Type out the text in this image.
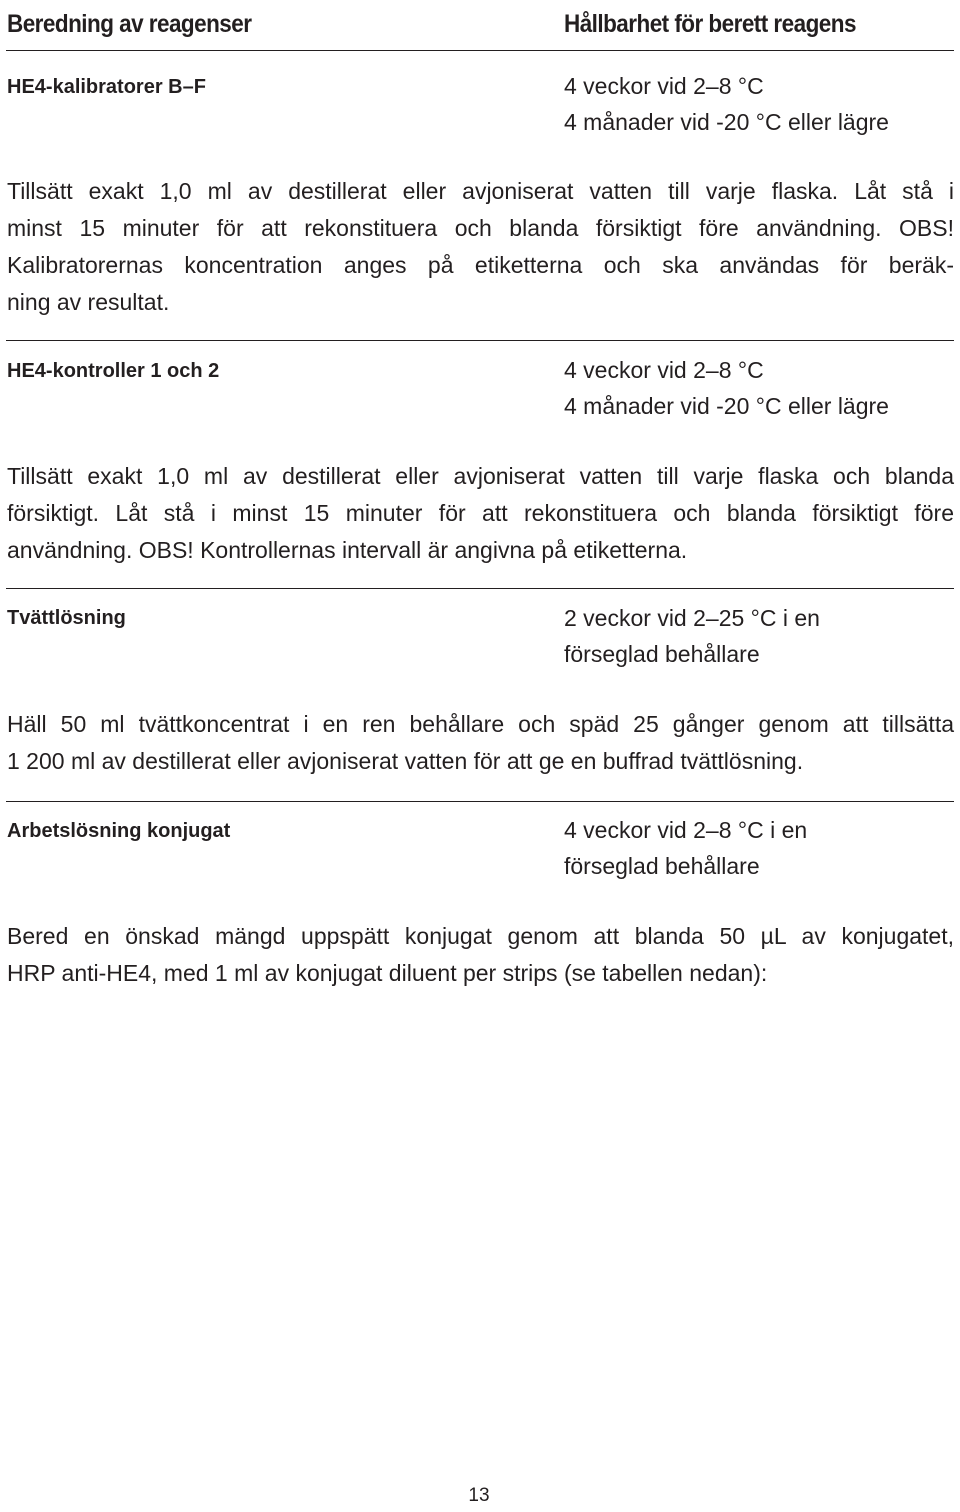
Beredning av reagenser	Hållbarhet för berett reagens
HE4-kalibratorer B–F	4 veckor vid 2–8 °C
4 månader vid -20 °C eller lägre
Tillsätt exakt 1,0 ml av destillerat eller avjoniserat vatten till varje flaska. Låt stå i
minst 15 minuter för att rekonstituera och blanda försiktigt före användning. OBS!
Kalibratorernas koncentration anges på etiketterna och ska användas för beräk-
ning av resultat.
HE4-kontroller 1 och 2	4 veckor vid 2–8 °C
4 månader vid -20 °C eller lägre
Tillsätt exakt 1,0 ml av destillerat eller avjoniserat vatten till varje flaska och blanda
försiktigt. Låt stå i minst 15 minuter för att rekonstituera och blanda försiktigt före
användning. OBS! Kontrollernas intervall är angivna på etiketterna.
Tvättlösning	2 veckor vid 2–25 °C i en
förseglad behållare
Häll 50 ml tvättkoncentrat i en ren behållare och späd 25 gånger genom att tillsätta
1 200 ml av destillerat eller avjoniserat vatten för att ge en buffrad tvättlösning.
Arbetslösning konjugat	4 veckor vid 2–8 °C i en
förseglad behållare
Bered en önskad mängd uppspätt konjugat genom att blanda 50 µL av konjugatet,
HRP anti-HE4, med 1 ml av konjugat diluent per strips (se tabellen nedan):
13
